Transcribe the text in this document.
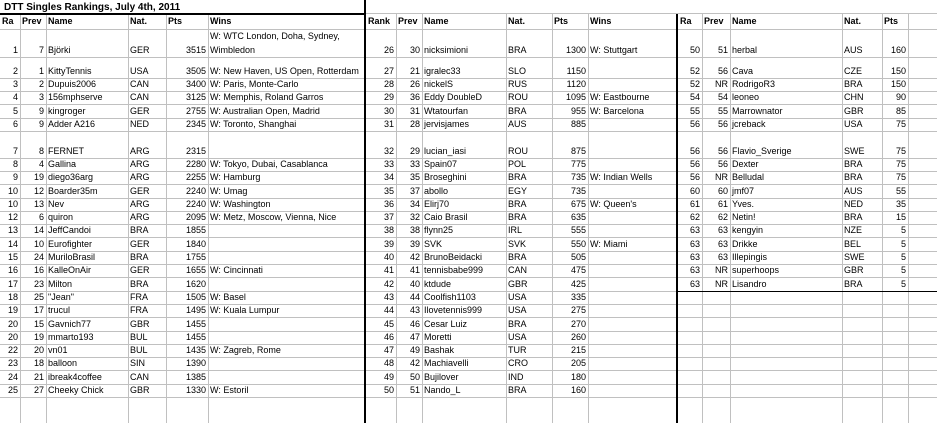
DTT Singles Rankings, July 4th, 2011
Ra Prev Name	Nat.	Pts	Wins	Rank Prev Name	Nat.	Pts	Wins	Ra	Prev Name	Nat.	Pts
1	7 Björki	GER	3515
W: WTC London, Doha, Sydney,
Wimbledon
2	1 KittyTennis	USA	3505 W: New Haven, US Open, Rotterdam
3	2 Dupuis2006	CAN	3400 W: Paris, Monte-Carlo
4	3 156mphserve	CAN	3125 W: Memphis, Roland Garros
5	9 kingroger	GER	2755 W: Australian Open, Madrid
6	9 Adder A216	NED	2345 W: Toronto, Shanghai
7	8 FERNET	ARG	2315
8	4 Gallina	ARG	2280 W: Tokyo, Dubai, Casablanca
9	19 diego36arg	ARG	2255 W: Hamburg
10	12 Boarder35m	GER	2240 W: Umag
10	13 Nev	ARG	2240 W: Washington
12	6 quiron	ARG	2095 W: Metz, Moscow, Vienna, Nice
13	14 JeffCandoi	BRA	1855
14	10 Eurofighter	GER	1840
15	24 MuriloBrasil	BRA	1755
16	16 KalleOnAir	GER	1655 W: Cincinnati
17	23 Milton	BRA	1620
18	25 "Jean"	FRA	1505 W: Basel
19	17 trucul	FRA	1495 W: Kuala Lumpur
20	15 Gavnich77	GBR	1455
20	19 mmarto193	BUL	1455
22	20 vn01	BUL	1435 W: Zagreb, Rome
23	18 balloon	SIN	1390
24	21 ibreak4coffee	CAN	1385
25	27 Cheeky Chick	GBR	1330 W: Estoril
26	30 nicksimioni	BRA	1300 W: Stuttgart
27	21 igralec33	SLO	1150
28	26 nickelS	RUS	1120
29	36 Eddy DoubleD	ROU	1095 W: Eastbourne
30	31 Wtatourfan	BRA	955 W: Barcelona
31	28 jervisjames	AUS	885
32	29 lucian_iasi	ROU	875
33	33 Spain07	POL	775
34	35 Broseghini	BRA	735 W: Indian Wells
35	37 abollo	EGY	735
36	34 Elirj70	BRA	675 W: Queen's
37	32 Caio Brasil	BRA	635
38	38 flynn25	IRL	555
39	39 SVK	SVK	550 W: Miami
40	42 BrunoBeidacki	BRA	505
41	41 tennisbabe999	CAN	475
42	40 ktdude	GBR	425
43	44 Coolfish1103	USA	335
44	43 Ilovetennis999	USA	275
45	46 Cesar Luiz	BRA	270
46	47 Moretti	USA	260
47	49 Bashak	TUR	215
48	42 Machiavelli	CRO	205
49	50 Bujilover	IND	180
50	51 Nando_L	BRA	160
50	51 herbal	AUS	160
52	56 Cava	CZE	150
52	NR RodrigoR3	BRA	150
54	54 leoneo	CHN	90
55	55 Marrownator	GBR	85
56	56 jcreback	USA	75
56	56 Flavio_Sverige	SWE	75
56	56 Dexter	BRA	75
56	NR Belludal	BRA	75
60	60 jmf07	AUS	55
61	61 Yves.	NED	35
62	62 Netin!	BRA	15
63	63 kengyin	NZE	5
63	63 Drikke	BEL	5
63	63 Illepingis	SWE	5
63	NR superhoops	GBR	5
63	NR Lisandro	BRA	5
